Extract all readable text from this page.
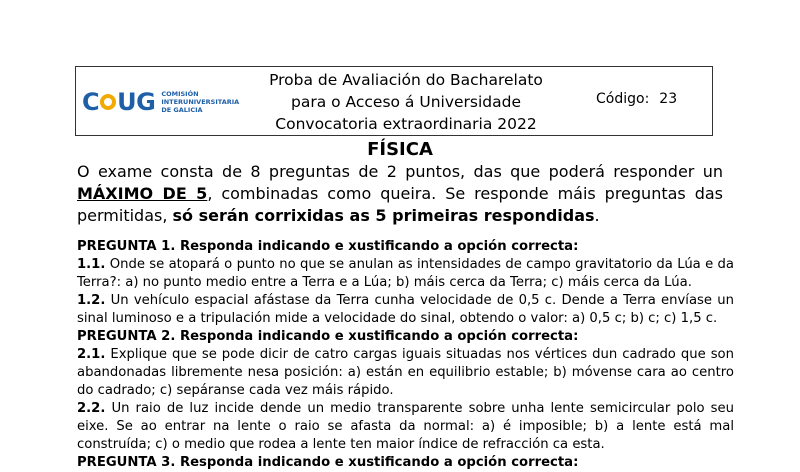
C UG COMISIÓN
INTERUNIVERSITARIA
DE GALICIA
Proba de Avaliación do Bacharelato
para o Acceso á Universidade
Convocatoria extraordinaria 2022
Código: 23
FÍSICA
O exame consta de 8 preguntas de 2 puntos, das que poderá responder un MÁXIMO DE 5, combinadas como queira. Se responde máis preguntas das permitidas, só serán corrixidas as 5 primeiras respondidas.

PREGUNTA 1. Responda indicando e xustificando a opción correcta:

1.1. Onde se atopará o punto no que se anulan as intensidades de campo gravitatorio da Lúa e da Terra?: a) no punto medio entre a Terra e a Lúa; b) máis cerca da Terra; c) máis cerca da Lúa.

1.2. Un vehículo espacial afástase da Terra cunha velocidade de 0,5 c. Dende a Terra envíase un sinal luminoso e a tripulación mide a velocidade do sinal, obtendo o valor: a) 0,5 c; b) c; c) 1,5 c.

PREGUNTA 2. Responda indicando e xustificando a opción correcta:

2.1. Explique que se pode dicir de catro cargas iguais situadas nos vértices dun cadrado que son abandonadas libremente nesa posición: a) están en equilibrio estable; b) móvense cara ao centro do cadrado; c) sepáranse cada vez máis rápido.

2.2. Un raio de luz incide dende un medio transparente sobre unha lente semicircular polo seu eixe. Se ao entrar na lente o raio se afasta da normal: a) é imposible; b) a lente está mal construída; c) o medio que rodea a lente ten maior índice de refracción ca esta.

PREGUNTA 3. Responda indicando e xustificando a opción correcta:
